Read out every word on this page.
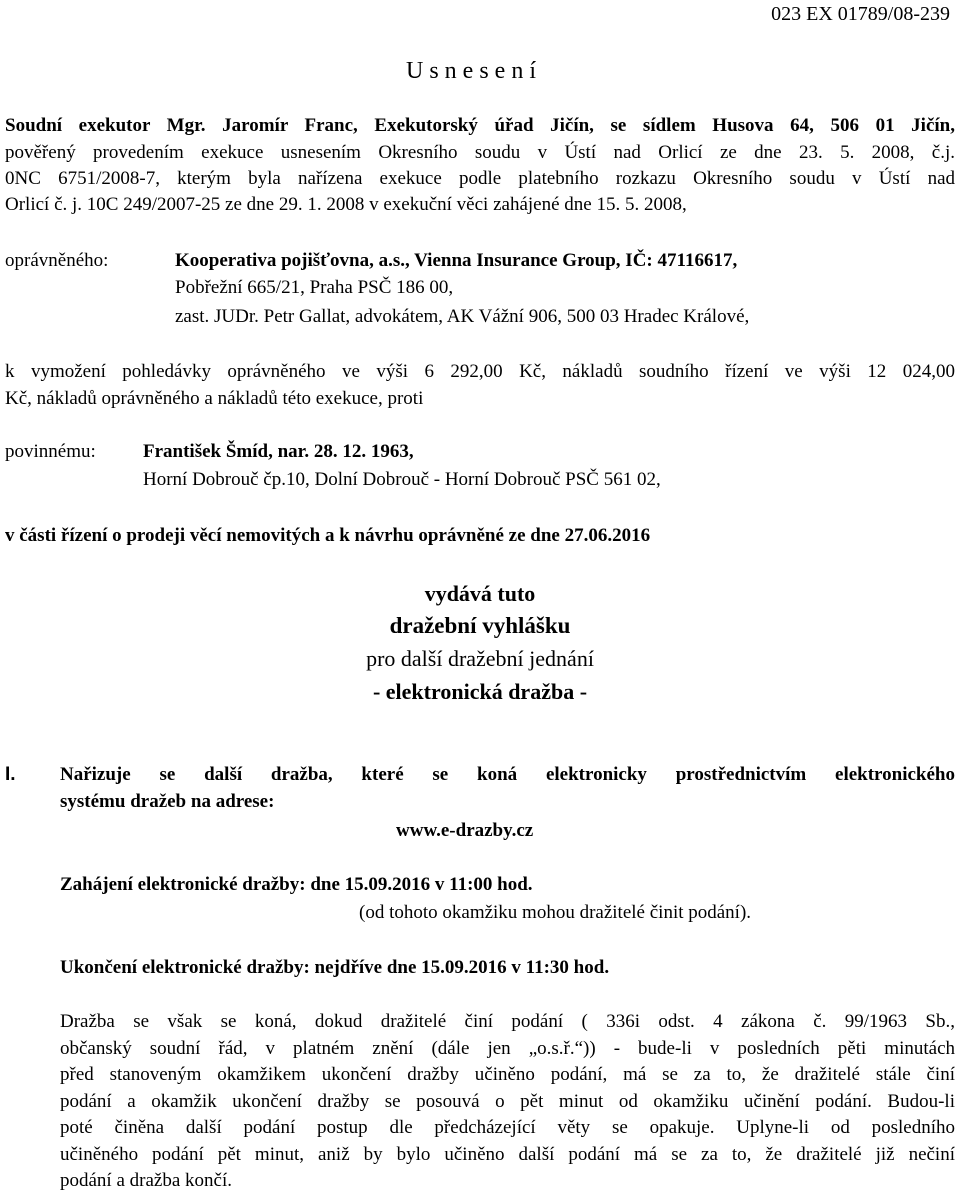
023 EX 01789/08-239
U s n e s e n í
Soudní exekutor Mgr. Jaromír Franc, Exekutorský úřad Jičín, se sídlem Husova 64, 506 01 Jičín,
pověřený provedením exekuce usnesením Okresního soudu v Ústí nad Orlicí ze dne 23. 5. 2008, č.j.
0NC 6751/2008-7, kterým byla nařízena exekuce podle platebního rozkazu Okresního soudu v Ústí nad
Orlicí č. j. 10C 249/2007-25 ze dne 29. 1. 2008 v exekuční věci zahájené dne 15. 5. 2008,
oprávněného:	Kooperativa pojišťovna, a.s., Vienna Insurance Group, IČ: 47116617,
Pobřežní 665/21, Praha PSČ 186 00,
zast. JUDr. Petr Gallat, advokátem, AK Vážní 906, 500 03 Hradec Králové,
k vymožení pohledávky oprávněného ve výši 6 292,00 Kč, nákladů soudního řízení ve výši 12 024,00
Kč, nákladů oprávněného a nákladů této exekuce, proti
povinnému: František Šmíd, nar. 28. 12. 1963,
Horní Dobrouč čp.10, Dolní Dobrouč - Horní Dobrouč PSČ 561 02,
v části řízení o prodeji věcí nemovitých a k návrhu oprávněné ze dne 27.06.2016
vydává tuto
dražební vyhlášku
pro další dražební jednání
- elektronická dražba -
I. Nařizuje se další dražba, které se koná elektronicky prostřednictvím elektronického
systému dražeb na adrese:
www.e-drazby.cz
Zahájení elektronické dražby: dne 15.09.2016 v 11:00 hod.
(od tohoto okamžiku mohou dražitelé činit podání).
Ukončení elektronické dražby: nejdříve dne 15.09.2016 v 11:30 hod.
Dražba se však se koná, dokud dražitelé činí podání ( 336i odst. 4 zákona č. 99/1963 Sb.,
občanský soudní řád, v platném znění (dále jen „o.s.ř.“)) - bude-li v posledních pěti minutách
před stanoveným okamžikem ukončení dražby učiněno podání, má se za to, že dražitelé stále činí
podání a okamžik ukončení dražby se posouvá o pět minut od okamžiku učinění podání. Budou-li
poté činěna další podání postup dle předcházející věty se opakuje. Uplyne-li od posledního
učiněného podání pět minut, aniž by bylo učiněno další podání má se za to, že dražitelé již nečiní
podání a dražba končí.
